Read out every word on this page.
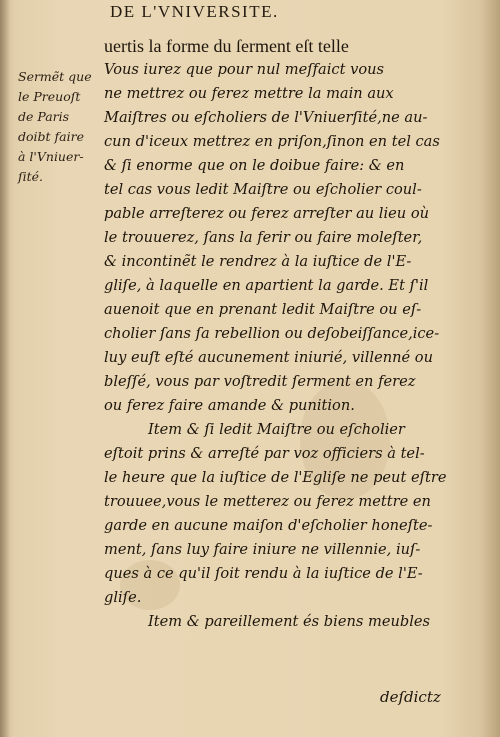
DE L'VNIVERSITE.
Sermẽt que
le Preuoſt
de Paris
doibt faire
à l'Vniuer-
ſité.
uertis la forme du ſerment eſt telle
Vous iurez que pour nul meſfaict vous
ne mettrez ou ferez mettre la main aux
Maiſtres ou eſcholiers de l'Vniuerſité,ne au-
cun d'iceux mettrez en priſon,ſinon en tel cas
& ſi enorme que on le doibue faire: & en
tel cas vous ledit Maiſtre ou eſcholier coul-
pable arreſterez ou ferez arreſter au lieu où
le trouuerez, ſans la ferir ou faire moleſter,
& incontinẽt le rendrez à la iuſtice de l'E-
gliſe, à laquelle en apartient la garde. Et ſ'il
auenoit que en prenant ledit Maiſtre ou eſ-
cholier ſans ſa rebellion ou deſobeiſſance,ice-
luy euſt eſté aucunement iniurié, villenné ou
bleſſé, vous par voſtredit ſerment en ferez
ou ferez faire amande & punition.
Item & ſi ledit Maiſtre ou eſcholier
eſtoit prins & arreſté par voz officiers à tel-
le heure que la iuſtice de l'Egliſe ne peut eſtre
trouuee,vous le metterez ou ferez mettre en
garde en aucune maiſon d'eſcholier honeſte-
ment, ſans luy faire iniure ne villennie, iuſ-
ques à ce qu'il ſoit rendu à la iuſtice de l'E-
gliſe.
Item & pareillement és biens meubles
deſdictz
